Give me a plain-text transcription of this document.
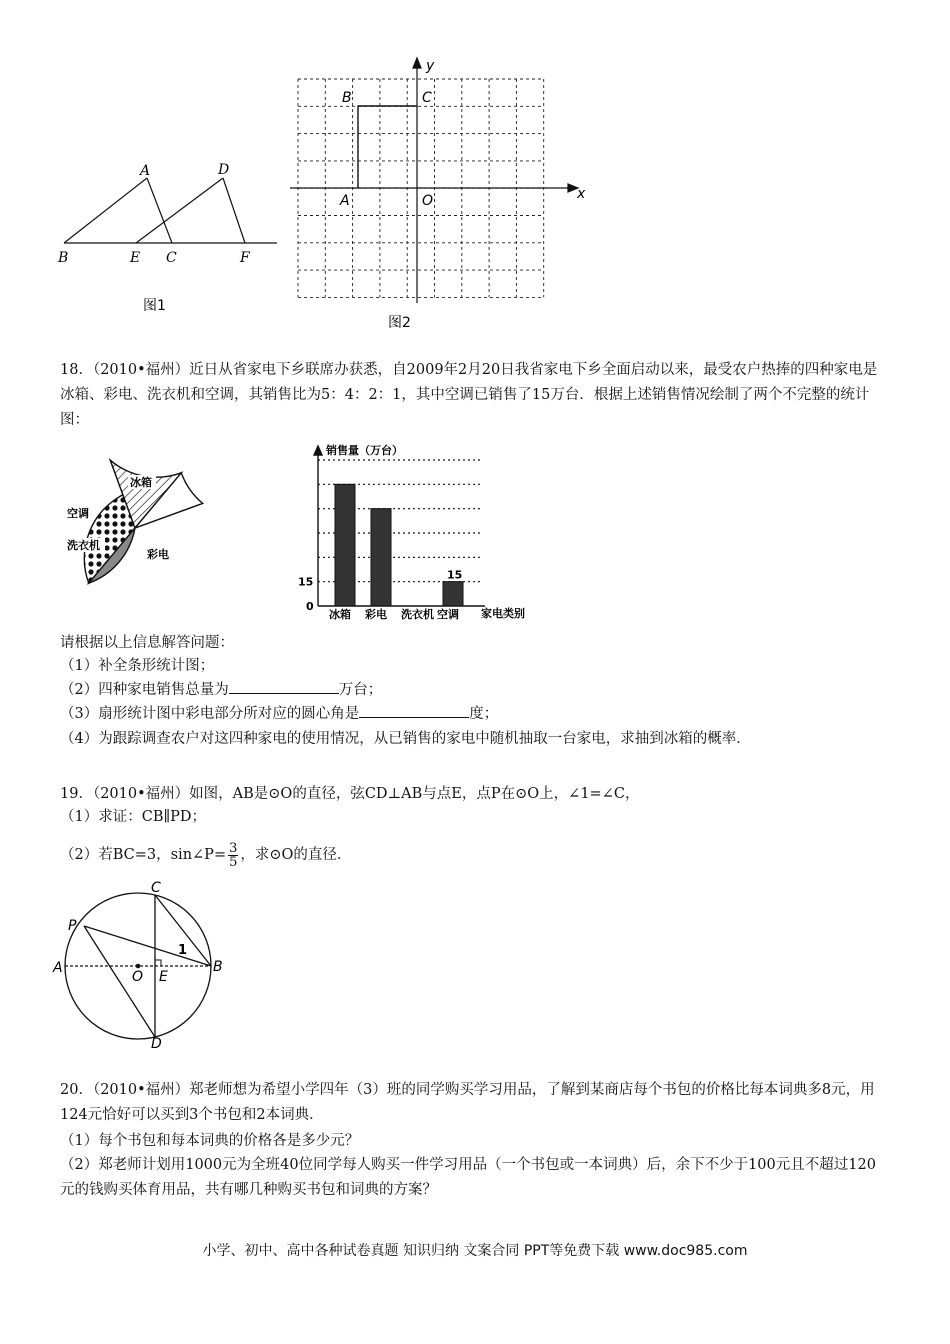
A	D
B	E C	F
图1
y
x
B	C
A	O
图2
18．（2010•福州）近日从省家电下乡联席办获悉，自2009年2月20日我省家电下乡全面启动以来，最受农户热捧的四种家电是冰箱、彩电、洗衣机和空调，其销售比为5：4：2：1，其中空调已销售了15万台．根据上述销售情况绘制了两个不完整的统计图：
冰箱
彩电
洗衣机
空调
销售量（万台）
家电类别
15
0
15
冰箱 彩电 洗衣机 空调
请根据以上信息解答问题：
（1）补全条形统计图；
（2）四种家电销售总量为	万台；
（3）扇形统计图中彩电部分所对应的圆心角是	度；
（4）为跟踪调查农户对这四种家电的使用情况，从已销售的家电中随机抽取一台家电，求抽到冰箱的概率．
19．（2010•福州）如图，AB是⊙O的直径，弦CD⊥AB与点E，点P在⊙O上，∠1=∠C，
（1）求证：CB∥PD；
（2）若BC=3，sin∠P= $\frac{3}{5}$ ，求⊙O的直径．
C
P
A	B
O E
D
1
20．（2010•福州）郑老师想为希望小学四年（3）班的同学购买学习用品，了解到某商店每个书包的价格比每本词典多8元，用124元恰好可以买到3个书包和2本词典．
（1）每个书包和每本词典的价格各是多少元？
（2）郑老师计划用1000元为全班40位同学每人购买一件学习用品（一个书包或一本词典）后，余下不少于100元且不超过120元的钱购买体育用品，共有哪几种购买书包和词典的方案？
小学、初中、高中各种试卷真题 知识归纳 文案合同 PPT等免费下载 www.doc985.com
